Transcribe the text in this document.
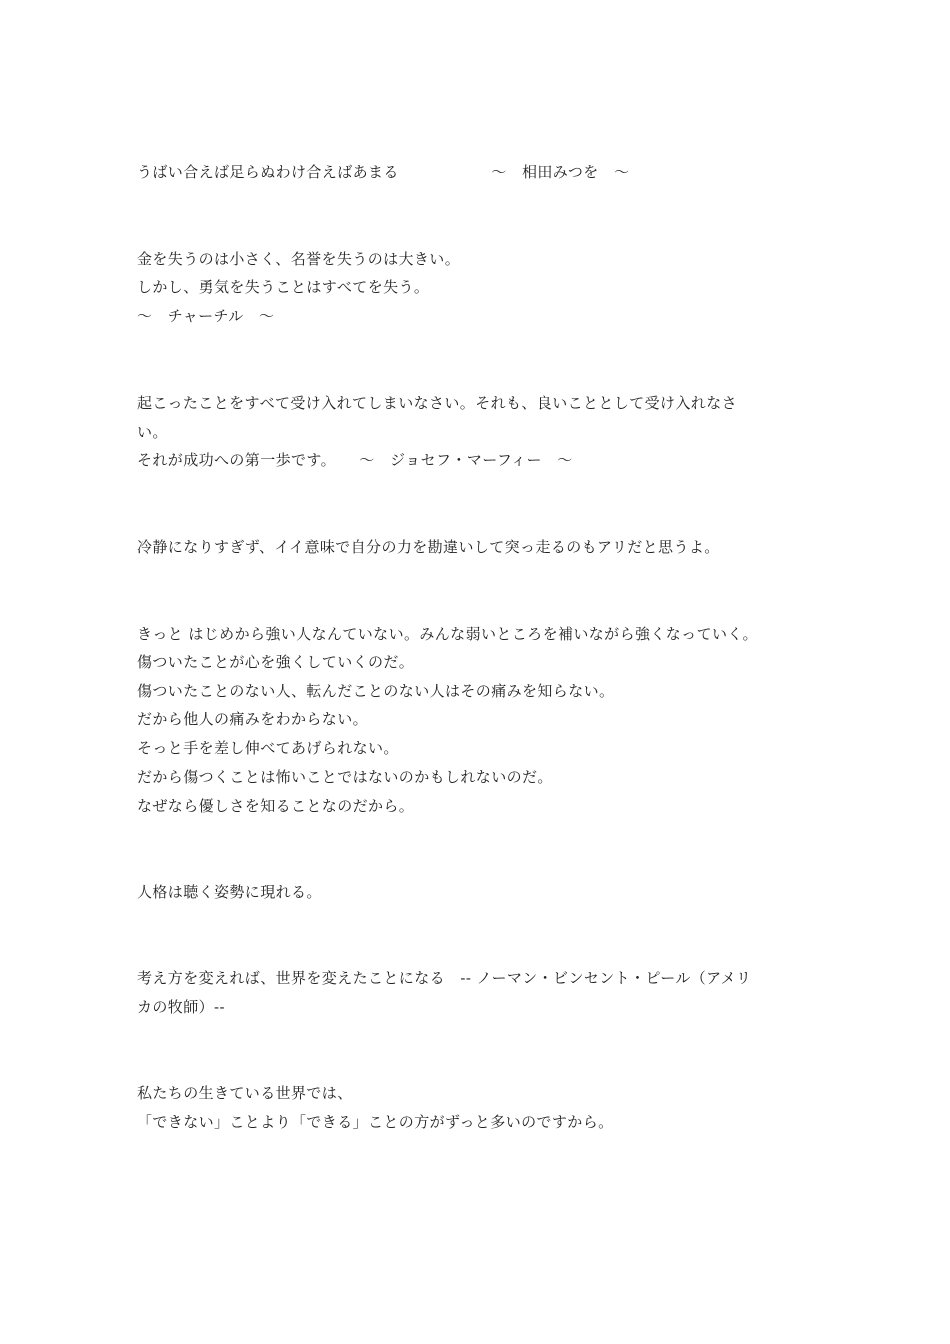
うばい合えば足らぬわけ合えばあまる　　　　　　〜　相田みつを　〜

金を失うのは小さく、名誉を失うのは大きい。

しかし、勇気を失うことはすべてを失う。

〜　チャーチル　〜

起こったことをすべて受け入れてしまいなさい。それも、良いこととして受け入れなさ

い。

それが成功への第一歩です。　　〜　ジョセフ・マーフィー　〜

冷静になりすぎず、イイ意味で自分の力を勘違いして突っ走るのもアリだと思うよ。

きっと はじめから強い人なんていない。みんな弱いところを補いながら強くなっていく。

傷ついたことが心を強くしていくのだ。

傷ついたことのない人、転んだことのない人はその痛みを知らない。

だから他人の痛みをわからない。

そっと手を差し伸べてあげられない。

だから傷つくことは怖いことではないのかもしれないのだ。

なぜなら優しさを知ることなのだから。

人格は聴く姿勢に現れる。

考え方を変えれば、世界を変えたことになる　-- ノーマン・ビンセント・ピール（アメリ

カの牧師）--

私たちの生きている世界では、

「できない」ことより「できる」ことの方がずっと多いのですから。
